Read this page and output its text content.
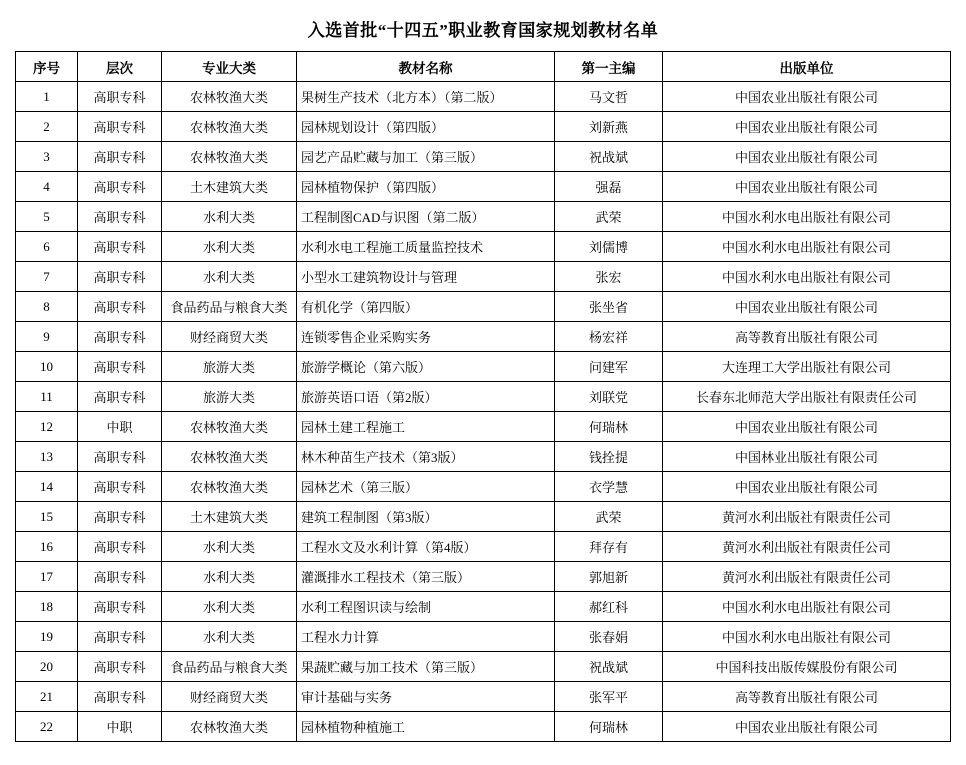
入选首批“十四五”职业教育国家规划教材名单
序号	层次	专业大类	教材名称	第一主编	出版单位
1	高职专科	农林牧渔大类	果树生产技术（北方本）（第二版）	马文哲	中国农业出版社有限公司
2	高职专科	农林牧渔大类	园林规划设计（第四版）	刘新燕	中国农业出版社有限公司
3	高职专科	农林牧渔大类	园艺产品贮藏与加工（第三版）	祝战斌	中国农业出版社有限公司
4	高职专科	土木建筑大类	园林植物保护（第四版）	强磊	中国农业出版社有限公司
5	高职专科	水利大类	工程制图CAD与识图（第二版）	武荣	中国水利水电出版社有限公司
6	高职专科	水利大类	水利水电工程施工质量监控技术	刘儒博	中国水利水电出版社有限公司
7	高职专科	水利大类	小型水工建筑物设计与管理	张宏	中国水利水电出版社有限公司
8	高职专科	食品药品与粮食大类	有机化学（第四版）	张坐省	中国农业出版社有限公司
9	高职专科	财经商贸大类	连锁零售企业采购实务	杨宏祥	高等教育出版社有限公司
10	高职专科	旅游大类	旅游学概论（第六版）	问建军	大连理工大学出版社有限公司
11	高职专科	旅游大类	旅游英语口语（第2版）	刘联党	长春东北师范大学出版社有限责任公司
12	中职	农林牧渔大类	园林土建工程施工	何瑞林	中国农业出版社有限公司
13	高职专科	农林牧渔大类	林木种苗生产技术（第3版）	钱拴提	中国林业出版社有限公司
14	高职专科	农林牧渔大类	园林艺术（第三版）	衣学慧	中国农业出版社有限公司
15	高职专科	土木建筑大类	建筑工程制图（第3版）	武荣	黄河水利出版社有限责任公司
16	高职专科	水利大类	工程水文及水利计算（第4版）	拜存有	黄河水利出版社有限责任公司
17	高职专科	水利大类	灌溉排水工程技术（第三版）	郭旭新	黄河水利出版社有限责任公司
18	高职专科	水利大类	水利工程图识读与绘制	郝红科	中国水利水电出版社有限公司
19	高职专科	水利大类	工程水力计算	张春娟	中国水利水电出版社有限公司
20	高职专科	食品药品与粮食大类	果蔬贮藏与加工技术（第三版）	祝战斌	中国科技出版传媒股份有限公司
21	高职专科	财经商贸大类	审计基础与实务	张军平	高等教育出版社有限公司
22	中职	农林牧渔大类	园林植物种植施工	何瑞林	中国农业出版社有限公司
